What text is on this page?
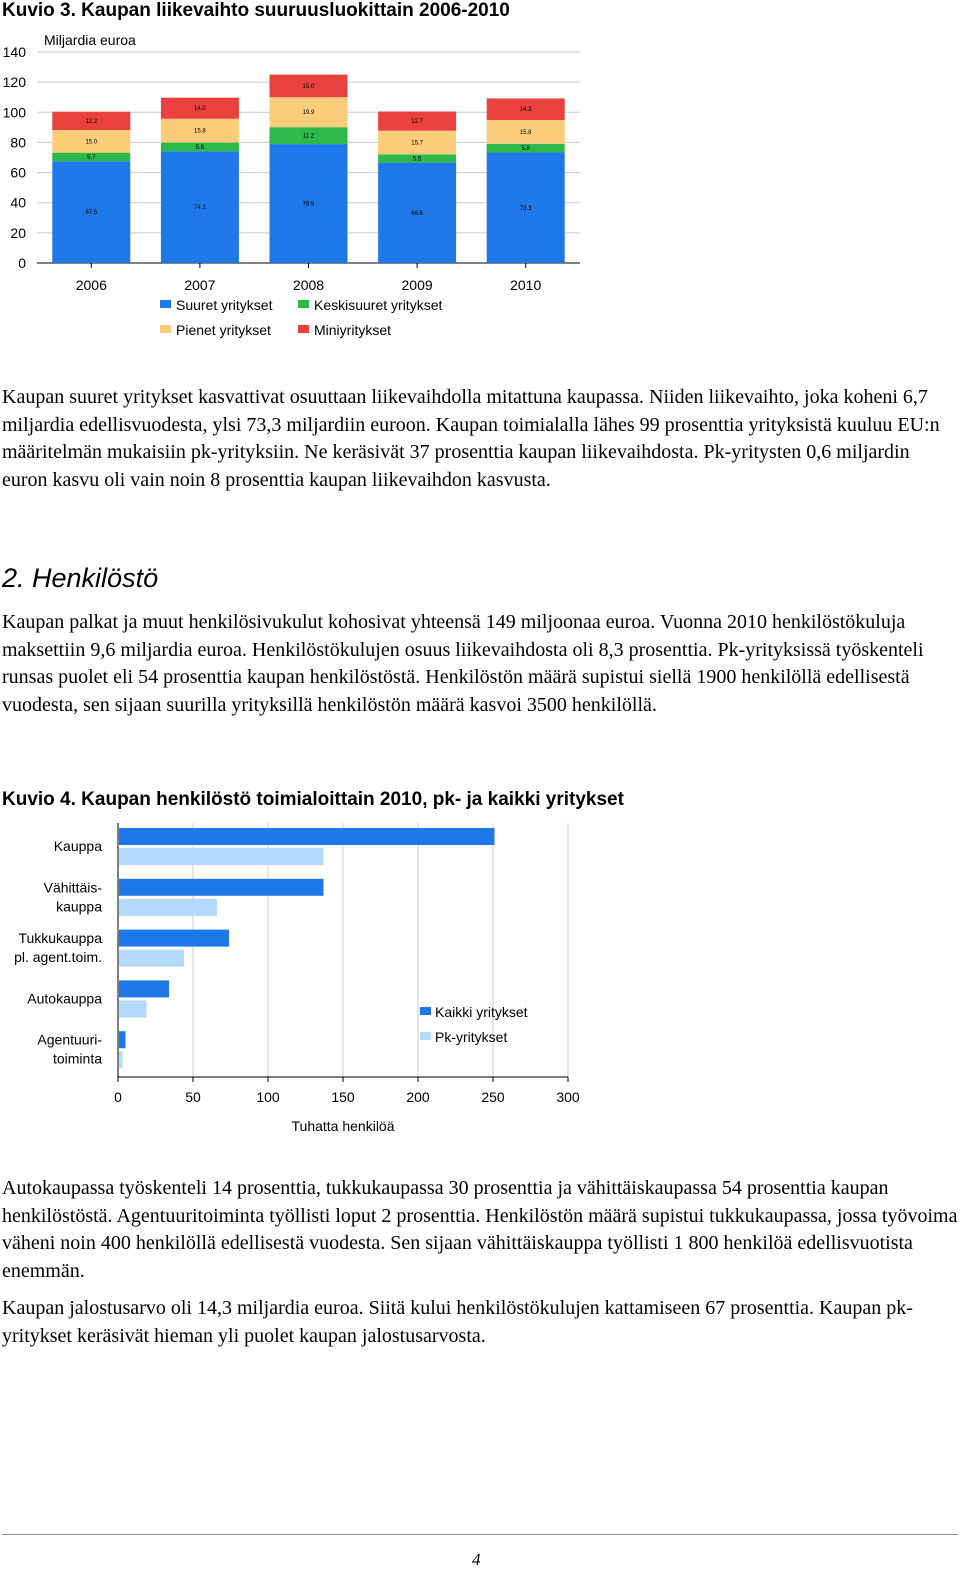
Kuvio 3. Kaupan liikevaihto suuruusluokittain 2006-2010
Miljardia euroa
0
20
40
60
80
100
120
140
67.5
5.7
15.0
12.2
2006
74.1
5.8
15.8
14.0
2007
78.9
11.2
19.9
15.0
2008
66.6
5.5
15.7
12.7
2009
73.3
5.8
15.8
14.3
2010
Suuret yritykset	Keskisuuret yritykset
Pienet yritykset	Miniyritykset

Kaupan suuret yritykset kasvattivat osuuttaan liikevaihdolla mitattuna kaupassa. Niiden liikevaihto, joka koheni 6,7 miljardia edellisvuodesta, ylsi 73,3 miljardiin euroon. Kaupan toimialalla lähes 99 prosenttia yrityksistä kuuluu EU:n määritelmän mukaisiin pk-yrityksiin. Ne keräsivät 37 prosenttia kaupan liikevaihdosta. Pk-yritysten 0,6 miljardin euron kasvu oli vain noin 8 prosenttia kaupan liikevaihdon kasvusta.

2. Henkilöstö

Kaupan palkat ja muut henkilösivukulut kohosivat yhteensä 149 miljoonaa euroa. Vuonna 2010 henkilöstökuluja maksettiin 9,6 miljardia euroa. Henkilöstökulujen osuus liikevaihdosta oli 8,3 prosenttia. Pk-yrityksissä työskenteli runsas puolet eli 54 prosenttia kaupan henkilöstöstä. Henkilöstön määrä supistui siellä 1900 henkilöllä edellisestä vuodesta, sen sijaan suurilla yrityksillä henkilöstön määrä kasvoi 3500 henkilöllä.

Kuvio 4. Kaupan henkilöstö toimialoittain 2010, pk- ja kaikki yritykset
0	50	100	150	200	250	300
Tuhatta henkilöä
Kauppa
Vähittäis-
kauppa
Tukkukauppa
pl. agent.toim.
Autokauppa
Agentuuri-
toiminta
Kaikki yritykset
Pk-yritykset

Autokaupassa työskenteli 14 prosenttia, tukkukaupassa 30 prosenttia ja vähittäiskaupassa 54 prosenttia kaupan henkilöstöstä. Agentuuritoiminta työllisti loput 2 prosenttia. Henkilöstön määrä supistui tukkukaupassa, jossa työvoima väheni noin 400 henkilöllä edellisestä vuodesta. Sen sijaan vähittäiskauppa työllisti 1 800 henkilöä edellisvuotista enemmän.

Kaupan jalostusarvo oli 14,3 miljardia euroa. Siitä kului henkilöstökulujen kattamiseen 67 prosenttia. Kaupan pk-yritykset keräsivät hieman yli puolet kaupan jalostusarvosta.

4
